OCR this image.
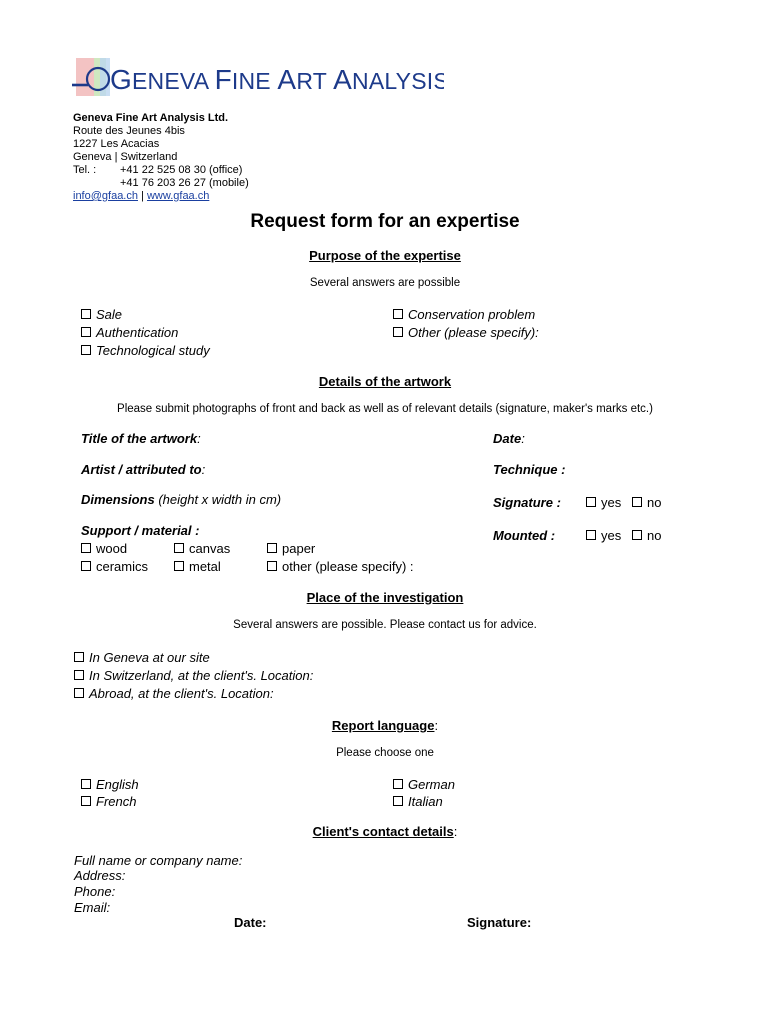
GENEVA FINE ART ANALYSIS
Geneva Fine Art Analysis Ltd.
Route des Jeunes 4bis
1227 Les Acacias
Geneva | Switzerland
Tel. : +41 22 525 08 30 (office)
+41 76 203 26 27 (mobile)
info@gfaa.ch | www.gfaa.ch
Request form for an expertise
Purpose of the expertise
Several answers are possible
Sale
Authentication
Technological study
Conservation problem
Other (please specify):
Details of the artwork
Please submit photographs of front and back as well as of relevant details (signature, maker's marks etc.)
Title of the artwork:	Date:
Artist / attributed to:	Technique :
Dimensions (height x width in cm)	Signature :	yes	no
Support / material :	Mounted :	yes	no
wood	canvas	paper
ceramics	metal	other (please specify) :
Place of the investigation
Several answers are possible. Please contact us for advice.
In Geneva at our site
In Switzerland, at the client's. Location:
Abroad, at the client's. Location:
Report language:
Please choose one
English
French
German
Italian
Client's contact details:
Full name or company name:
Address:
Phone:
Email:
Date:	Signature:
